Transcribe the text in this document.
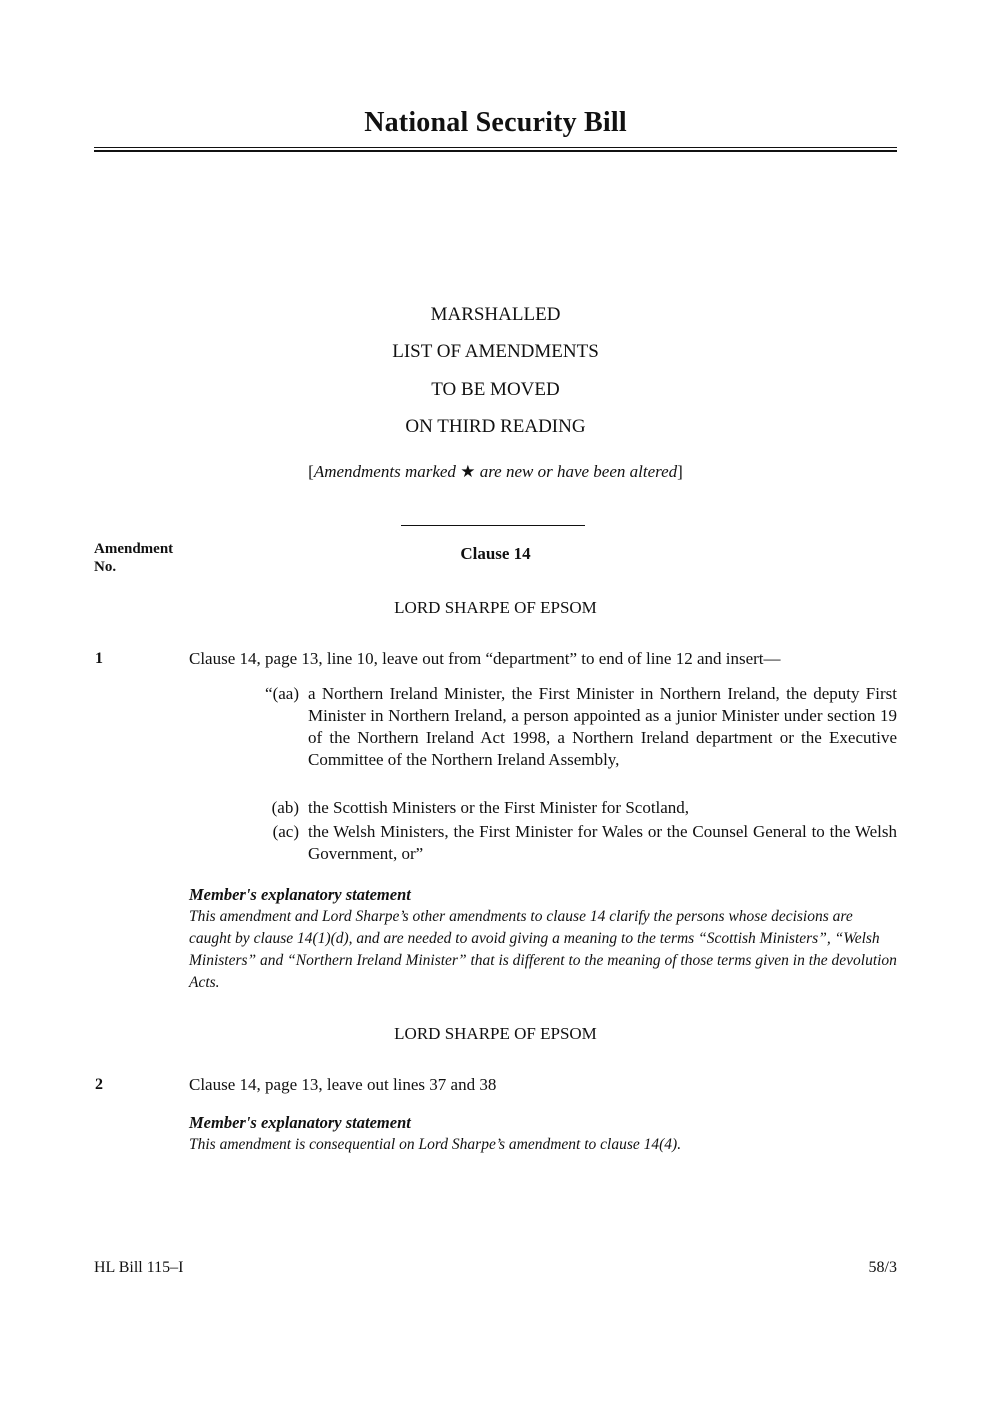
National Security Bill
MARSHALLED
LIST OF AMENDMENTS
TO BE MOVED
ON THIRD READING
[Amendments marked ★ are new or have been altered]
Amendment
No.
Clause 14
LORD SHARPE OF EPSOM
1	Clause 14, page 13, line 10, leave out from “department” to end of line 12 and insert—
“(aa) a Northern Ireland Minister, the First Minister in Northern Ireland, the deputy First Minister in Northern Ireland, a person appointed as a junior Minister under section 19 of the Northern Ireland Act 1998, a Northern Ireland department or the Executive Committee of the Northern Ireland Assembly,
(ab) the Scottish Ministers or the First Minister for Scotland,
(ac) the Welsh Ministers, the First Minister for Wales or the Counsel General to the Welsh Government, or”
Member's explanatory statement
This amendment and Lord Sharpe’s other amendments to clause 14 clarify the persons whose decisions are caught by clause 14(1)(d), and are needed to avoid giving a meaning to the terms “Scottish Ministers”, “Welsh Ministers” and “Northern Ireland Minister” that is different to the meaning of those terms given in the devolution Acts.
LORD SHARPE OF EPSOM
2	Clause 14, page 13, leave out lines 37 and 38
Member's explanatory statement
This amendment is consequential on Lord Sharpe’s amendment to clause 14(4).
HL Bill 115–I	58/3
